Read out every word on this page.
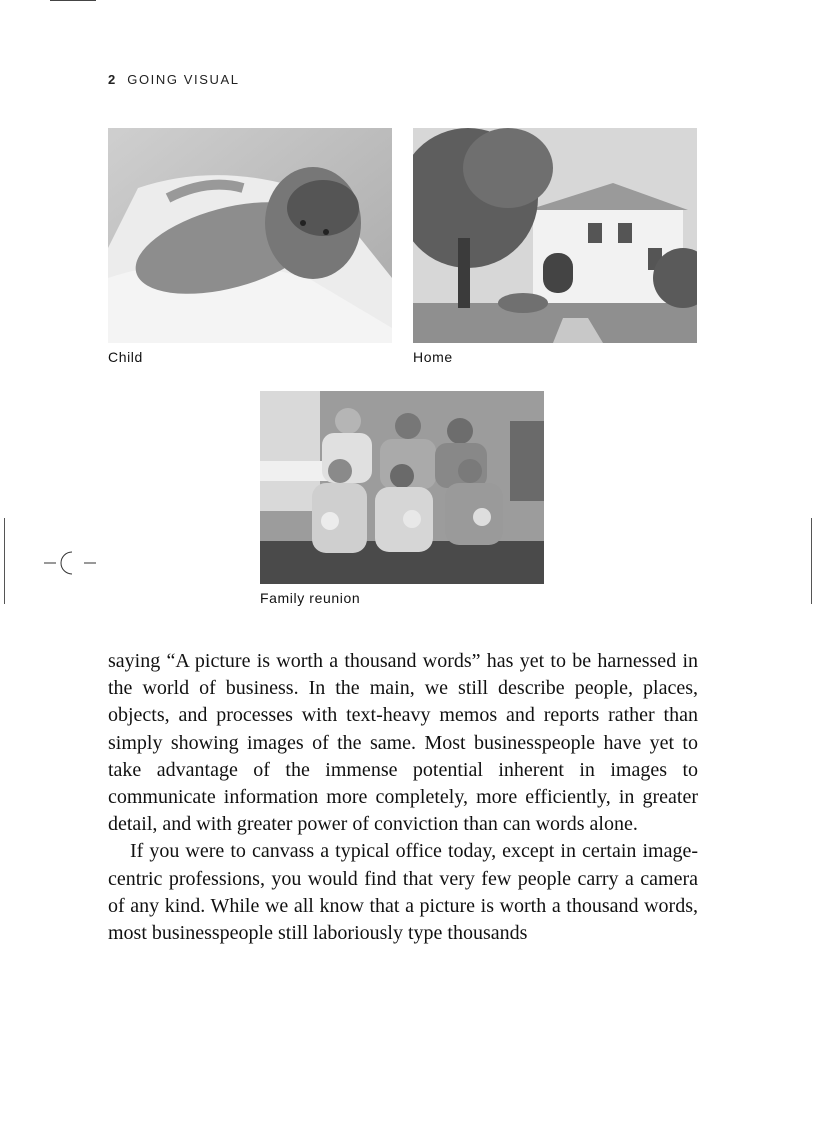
2 GOING VISUAL
Child	Home
Family reunion

saying “A picture is worth a thousand words” has yet to be harnessed in the world of business. In the main, we still describe people, places, objects, and processes with text-heavy memos and reports rather than simply showing images of the same. Most businesspeople have yet to take advantage of the immense potential inherent in images to communicate information more completely, more efficiently, in greater detail, and with greater power of conviction than can words alone.

If you were to canvass a typical office today, except in certain image-centric professions, you would find that very few people carry a camera of any kind. While we all know that a picture is worth a thousand words, most businesspeople still laboriously type thousands
